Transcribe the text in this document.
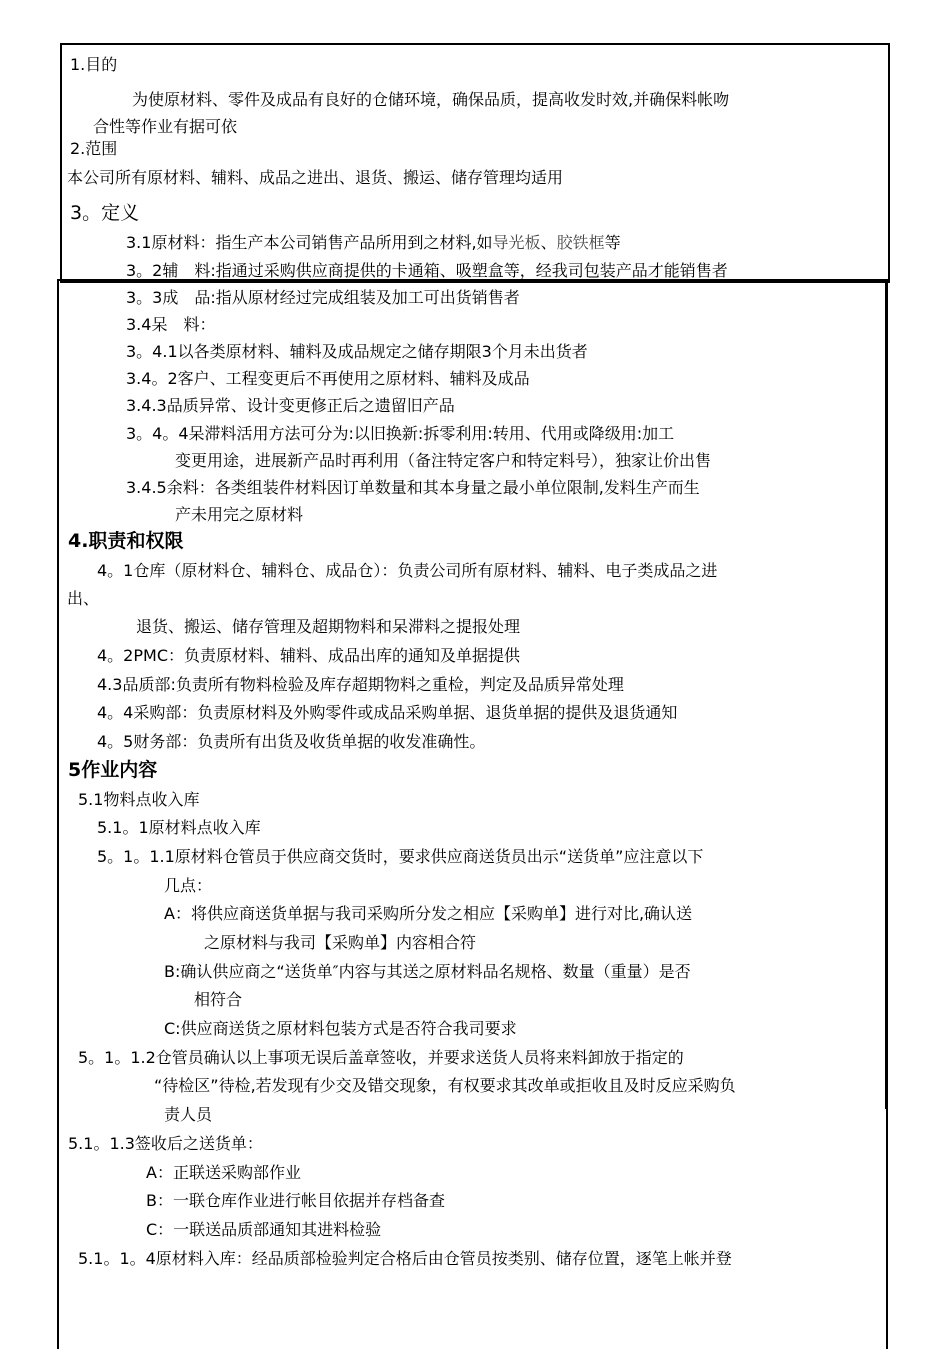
1.目的
为使原材料、零件及成品有良好的仓储环境，确保品质，提高收发时效,并确保料帐吻
合性等作业有据可依
2.范围
本公司所有原材料、辅料、成品之进出、退货、搬运、储存管理均适用
3。定义
3.1原材料：指生产本公司销售产品所用到之材料,如导光板、胶铁框等
3。2辅　料:指通过采购供应商提供的卡通箱、吸塑盒等，经我司包装产品才能销售者
3。3成　品:指从原材经过完成组装及加工可出货销售者
3.4呆　料：
3。4.1以各类原材料、辅料及成品规定之储存期限3个月未出货者
3.4。2客户、工程变更后不再使用之原材料、辅料及成品
3.4.3品质异常、设计变更修正后之遗留旧产品
3。4。4呆滞料活用方法可分为:以旧换新:拆零利用:转用、代用或降级用:加工
变更用途，进展新产品时再利用（备注特定客户和特定料号），独家让价出售
3.4.5余料：各类组装件材料因订单数量和其本身量之最小单位限制,发料生产而生
产未用完之原材料
4.职责和权限
4。1仓库（原材料仓、辅料仓、成品仓）：负责公司所有原材料、辅料、电子类成品之进
出、
退货、搬运、储存管理及超期物料和呆滞料之提报处理
4。2PMC：负责原材料、辅料、成品出库的通知及单据提供
4.3品质部:负责所有物料检验及库存超期物料之重检，判定及品质异常处理
4。4采购部：负责原材料及外购零件或成品采购单据、退货单据的提供及退货通知
4。5财务部：负责所有出货及收货单据的收发准确性。
5作业内容
5.1物料点收入库
5.1。1原材料点收入库
5。1。1.1原材料仓管员于供应商交货时，要求供应商送货员出示“送货单”应注意以下
几点：
A：将供应商送货单据与我司采购所分发之相应【采购单】进行对比,确认送
之原材料与我司【采购单】内容相合符
B:确认供应商之“送货单″内容与其送之原材料品名规格、数量（重量）是否
相符合
C:供应商送货之原材料包装方式是否符合我司要求
5。1。1.2仓管员确认以上事项无误后盖章签收，并要求送货人员将来料卸放于指定的
“待检区”待检,若发现有少交及错交现象，有权要求其改单或拒收且及时反应采购负
责人员
5.1。1.3签收后之送货单：
A：正联送采购部作业
B：一联仓库作业进行帐目依据并存档备查
C：一联送品质部通知其进料检验
5.1。1。4原材料入库：经品质部检验判定合格后由仓管员按类别、储存位置，逐笔上帐并登
